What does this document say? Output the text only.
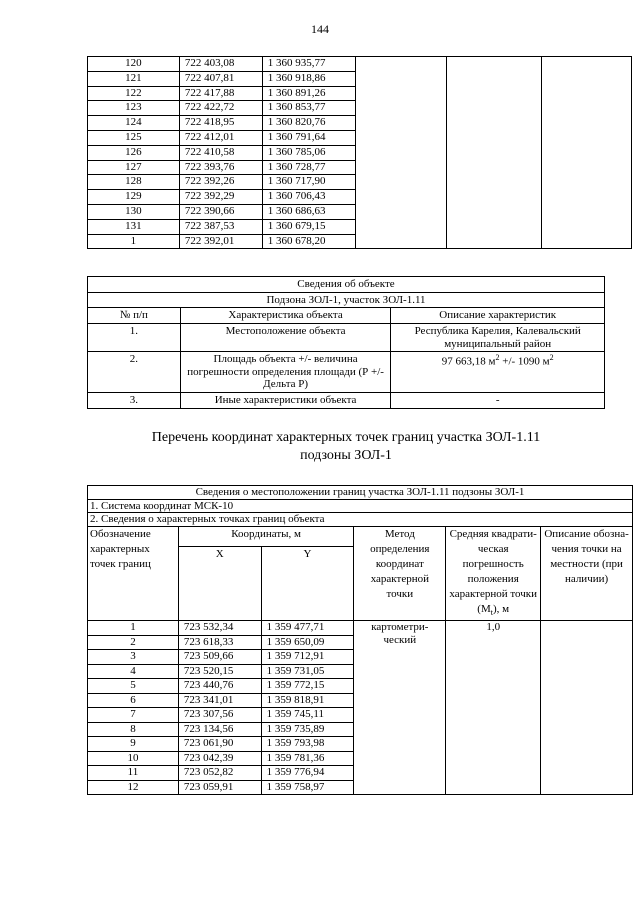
144
120	722 403,08	1 360 935,77			
121	722 407,81	1 360 918,86			
122	722 417,88	1 360 891,26			
123	722 422,72	1 360 853,77			
124	722 418,95	1 360 820,76			
125	722 412,01	1 360 791,64			
126	722 410,58	1 360 785,06			
127	722 393,76	1 360 728,77			
128	722 392,26	1 360 717,90			
129	722 392,29	1 360 706,43			
130	722 390,66	1 360 686,63			
131	722 387,53	1 360 679,15			
1	722 392,01	1 360 678,20			
Сведения об объекте		
Подзона ЗОЛ-1, участок ЗОЛ-1.11		
№ п/п	Характеристика объекта	Описание характеристик
1.	Местоположение объекта	Республика Карелия, Калевальский муниципальный район
2.	Площадь объекта +/- величина погрешности определения площади (Р +/- Дельта Р)	97 663,18 $м^2$ +/- 1090 $м^2$
3.	Иные характеристики объекта	-
Перечень координат характерных точек границ участка ЗОЛ-1.11
подзоны ЗОЛ-1
Сведения о местоположении границ участка ЗОЛ-1.11 подзоны ЗОЛ-1					
1. Система координат МСК-10					
2. Сведения о характерных точках границ объекта					
Обозначение характерных точек границ	Координаты, м		Метод определения координат характерной точки	Средняя квадрати-ческая погрешность положения характерной точки $(M_t)$, м	Описание обозна-чения точки на местности (при наличии)
	X	Y			
1	723 532,34	1 359 477,71	картометри-ческий	1,0	
2	723 618,33	1 359 650,09			
3	723 509,66	1 359 712,91			
4	723 520,15	1 359 731,05			
5	723 440,76	1 359 772,15			
6	723 341,01	1 359 818,91			
7	723 307,56	1 359 745,11			
8	723 134,56	1 359 735,89			
9	723 061,90	1 359 793,98			
10	723 042,39	1 359 781,36			
11	723 052,82	1 359 776,94			
12	723 059,91	1 359 758,97			
